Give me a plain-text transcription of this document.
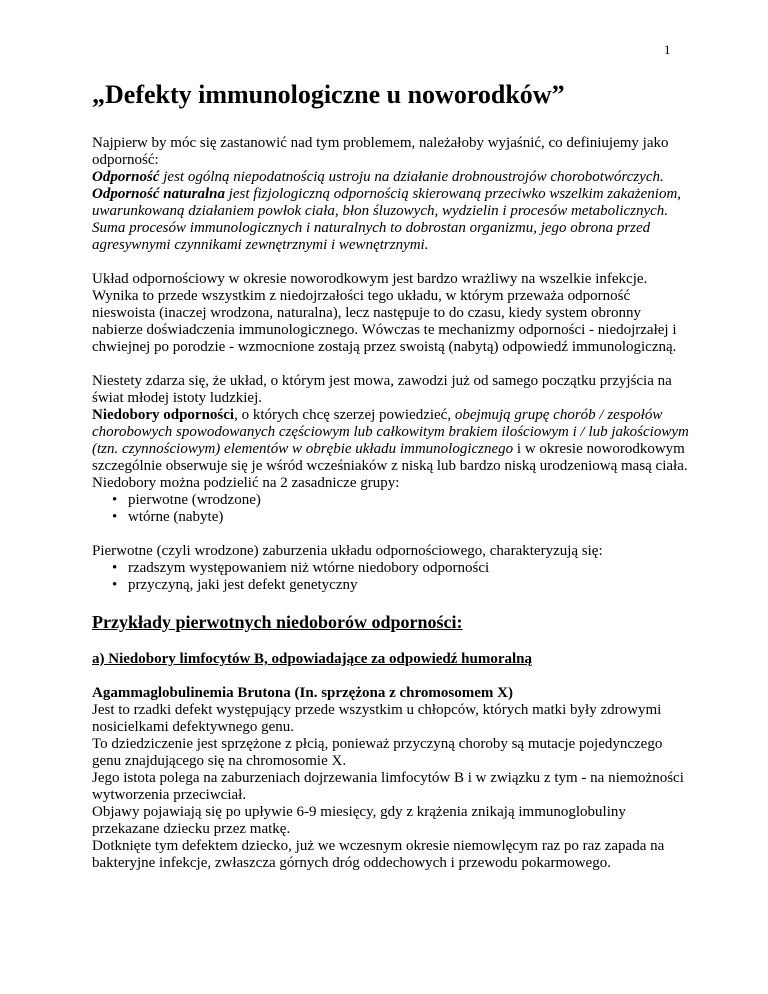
1
„Defekty immunologiczne u noworodków”

Najpierw by móc się zastanowić nad tym problemem, należałoby wyjaśnić, co definiujemy jako odporność:
Odporność jest ogólną niepodatnością ustroju na działanie drobnoustrojów chorobotwórczych. Odporność naturalna jest fizjologiczną odpornością skierowaną przeciwko wszelkim zakażeniom, uwarunkowaną działaniem powłok ciała, błon śluzowych, wydzielin i procesów metabolicznych. Suma procesów immunologicznych i naturalnych to dobrostan organizmu, jego obrona przed agresywnymi czynnikami zewnętrznymi i wewnętrznymi.

Układ odpornościowy w okresie noworodkowym jest bardzo wrażliwy na wszelkie infekcje. Wynika to przede wszystkim z niedojrzałości tego układu, w którym przeważa odporność nieswoista (inaczej wrodzona, naturalna), lecz następuje to do czasu, kiedy system obronny nabierze doświadczenia immunologicznego. Wówczas te mechanizmy odporności - niedojrzałej i chwiejnej po porodzie - wzmocnione zostają przez swoistą (nabytą) odpowiedź immunologiczną.

Niestety zdarza się, że układ, o którym jest mowa, zawodzi już od samego początku przyjścia na świat młodej istoty ludzkiej.
Niedobory odporności, o których chcę szerzej powiedzieć, obejmują grupę chorób / zespołów chorobowych spowodowanych częściowym lub całkowitym brakiem ilościowym i / lub jakościowym (tzn. czynnościowym) elementów w obrębie układu immunologicznego i w okresie noworodkowym szczególnie obserwuje się je wśród wcześniaków z niską lub bardzo niską urodzeniową masą ciała.

Niedobory można podzielić na 2 zasadnicze grupy:

• pierwotne (wrodzone)
• wtórne (nabyte)

Pierwotne (czyli wrodzone) zaburzenia układu odpornościowego, charakteryzują się:

• rzadszym występowaniem niż wtórne niedobory odporności
• przyczyną, jaki jest defekt genetyczny
Przykłady pierwotnych niedoborów odporności:

a) Niedobory limfocytów B, odpowiadające za odpowiedź humoralną

Agammaglobulinemia Brutona (In. sprzężona z chromosomem X)

Jest to rzadki defekt występujący przede wszystkim u chłopców, których matki były zdrowymi nosicielkami defektywnego genu.

To dziedziczenie jest sprzężone z płcią, ponieważ przyczyną choroby są mutacje pojedynczego genu znajdującego się na chromosomie X.

Jego istota polega na zaburzeniach dojrzewania limfocytów B i w związku z tym - na niemożności wytworzenia przeciwciał.

Objawy pojawiają się po upływie 6-9 miesięcy, gdy z krążenia znikają immunoglobuliny przekazane dziecku przez matkę.

Dotknięte tym defektem dziecko, już we wczesnym okresie niemowlęcym raz po raz zapada na bakteryjne infekcje, zwłaszcza górnych dróg oddechowych i przewodu pokarmowego.
